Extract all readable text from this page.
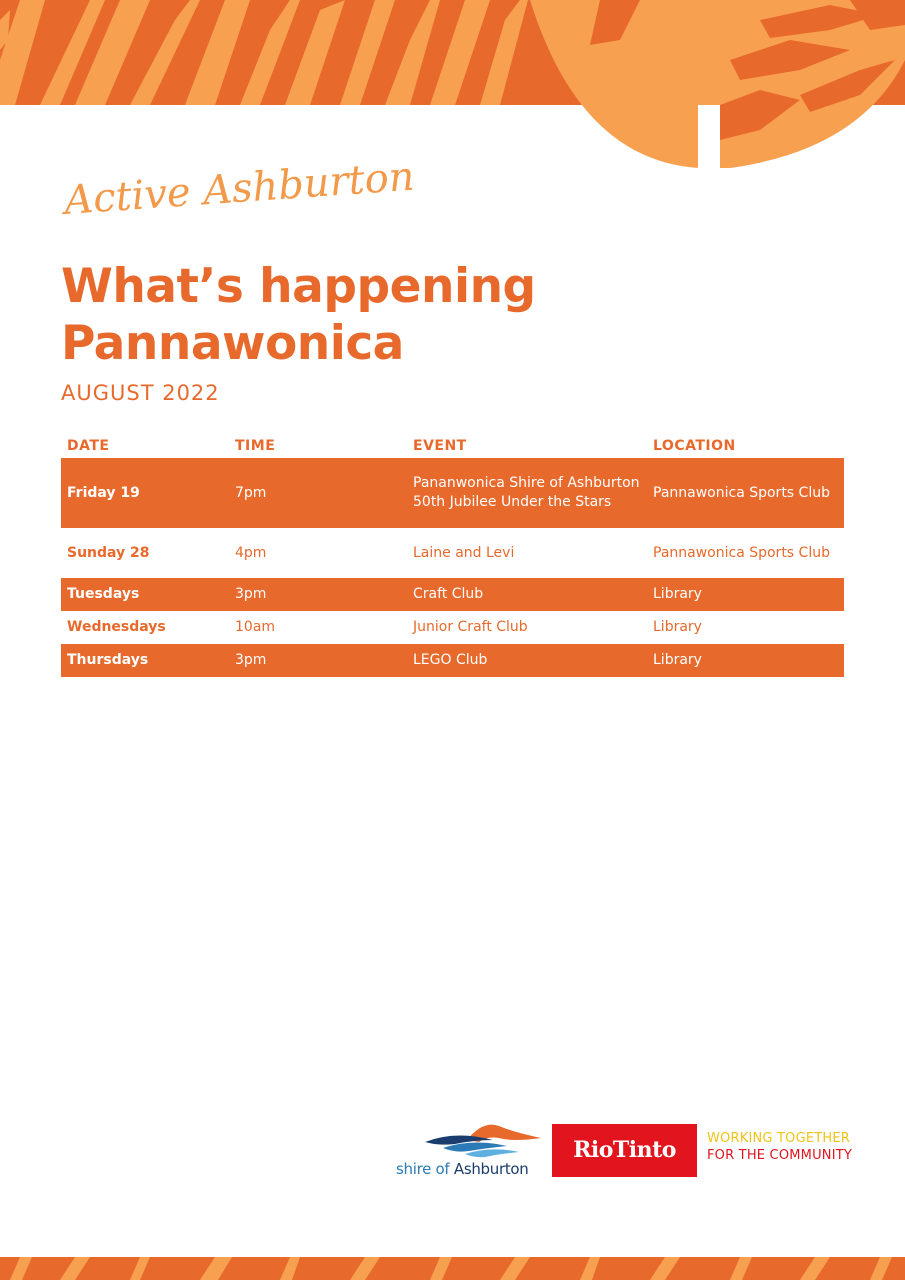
Active Ashburton
What’s happening
Pannawonica
AUGUST 2022
DATE	TIME	EVENT	LOCATION
Friday 19	7pm	Pananwonica Shire of Ashburton 50th Jubilee Under the Stars	Pannawonica Sports Club
Sunday 28	4pm	Laine and Levi	Pannawonica Sports Club
Tuesdays	3pm	Craft Club	Library
Wednesdays	10am	Junior Craft Club	Library
Thursdays	3pm	LEGO Club	Library
shire of Ashburton
RioTinto	WORKING TOGETHER
FOR THE COMMUNITY
